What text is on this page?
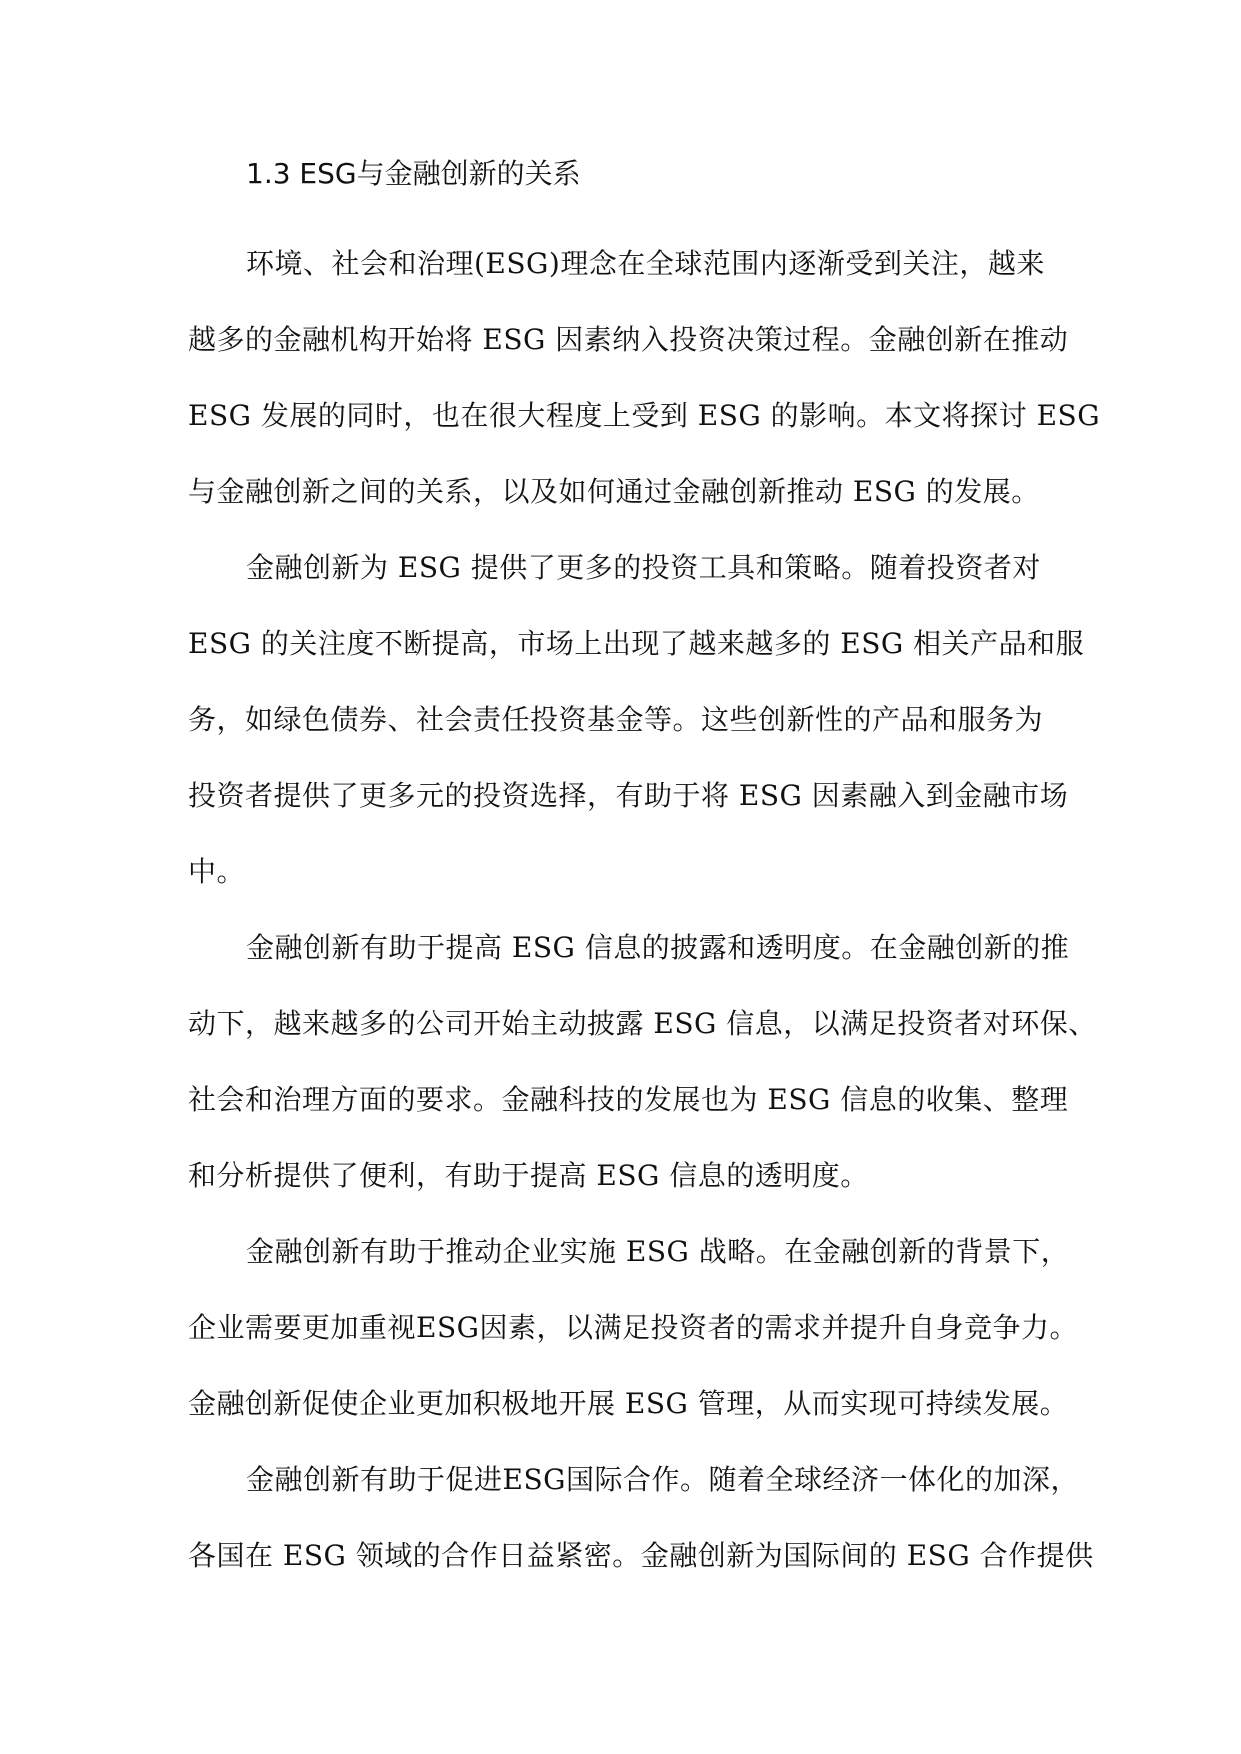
1.3 ESG与金融创新的关系
环境、社会和治理(ESG)理念在全球范围内逐渐受到关注，越来
越多的金融机构开始将 ESG 因素纳入投资决策过程。金融创新在推动
ESG 发展的同时，也在很大程度上受到 ESG 的影响。本文将探讨 ESG
与金融创新之间的关系，以及如何通过金融创新推动 ESG 的发展。
金融创新为 ESG 提供了更多的投资工具和策略。随着投资者对
ESG 的关注度不断提高，市场上出现了越来越多的 ESG 相关产品和服
务，如绿色债券、社会责任投资基金等。这些创新性的产品和服务为
投资者提供了更多元的投资选择，有助于将 ESG 因素融入到金融市场
中。
金融创新有助于提高 ESG 信息的披露和透明度。在金融创新的推
动下，越来越多的公司开始主动披露 ESG 信息，以满足投资者对环保、
社会和治理方面的要求。金融科技的发展也为 ESG 信息的收集、整理
和分析提供了便利，有助于提高 ESG 信息的透明度。
金融创新有助于推动企业实施 ESG 战略。在金融创新的背景下，
企业需要更加重视ESG因素，以满足投资者的需求并提升自身竞争力。
金融创新促使企业更加积极地开展 ESG 管理，从而实现可持续发展。
金融创新有助于促进ESG国际合作。随着全球经济一体化的加深，
各国在 ESG 领域的合作日益紧密。金融创新为国际间的 ESG 合作提供
